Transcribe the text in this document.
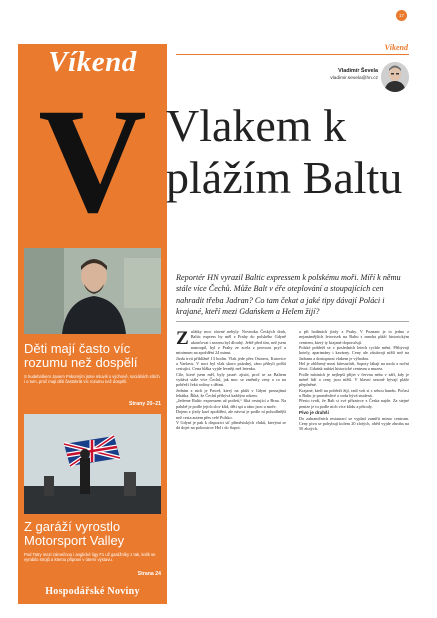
Víkend
V
Děti mají často víc rozumu než dospělí
S hudebníkem Janem Pokorným jsme mluvili o výchově, sociálních sítích i o tom, proč mají děti častokrát víc rozumu než dospělí.
Strany 20–21
Z garáží vyrostlo Motorsport Valley
Pod Tatry mezi zámečnou i anglické ligy F1 už garážníky z tak, kolik se vyrobilo strojů a kterou připraví v úterní výstavu.
Strana 24
Hospodářské Noviny
17
Víkend
Vladimír Ševela
vladimir.sevela@hn.cz
Vlakem k plážím Baltu

Reportér HN vyrazil Baltic expressem k polskému moři. Míří k němu stále více Čechů. Může Balt v éře oteplování a stoupajících cen nahradit třeba Jadran? Co tam čekat a jaké tipy dávají Poláci i krajané, kteří mezi Gdańskem a Helem žijí?

Z ačátky moc slavné nebyly. Noviniku Českých drah, Baltic express by měl z Prahy do polského Gdyně ukončovat i sezonu byl dlouhý. Ještě před tím, než jsem nastoupil, byl z Prahy ze zcela z provozu pryč a minimum na zpoždění 24 minut.

Jízda trvá přibližně 13 hodin. Vlak jede přes Ostravu, Katovice a Varšavu. V noci byl vlak skoro prázdný, ráno přibyli polští cestující. Cena lůžka vyjde levněji než letenka.

Cíle, které jsem měl, byly jasné: zjistit, proč se za Baltem vydává stále více Čechů, jak moc se změnily ceny a co na pobřeží čeká rodiny s dětmi.

Jedním z nich je Paweł, který na pláži v Gdyni pronajímá lehátka. Říká, že Čechů přibývá každým rokem.

„Jedeme Baltic expressem už potřetí,“ říká cestující z Brna. Na palubě je podle jejích slov klid, děti spí a ráno jsou u moře.

Dojem z jízdy kazí zpoždění, ale návrat je podle ní pohodlnější než cesta autem přes celé Polsko.

V Gdyni je pak k dispozici síť příměstských vlaků, kterými se dá dojet na poloostrov Hel i do Sopot.

a při hodinách jízdy z Prahy. V Poznani je to jedno z nejznámějších letovisek na Baltu s mnoha pláží historickým centrem, který ty krajané doporučují.

Polské pobřeží se v posledních letech rychle mění. Přibývají hotely, apartmány i kavárny. Ceny ale zůstávají nižší než na Jadranu a dostupnost vlakem je výhodou.

Hel je oblíbený mezi kitesurfaři, Sopoty lákají na molo a noční život. Gdańsk nabízí historické centrum a muzea.

Podle místních je nejlepší přijet v červnu nebo v září, kdy je méně lidí a ceny jsou nižší. V hlavní sezoně bývají pláže přeplněné.

Krajané, kteří na pobřeží žijí, radí vzít si s sebou bundu. Počasí u Baltu je proměnlivé a voda bývá studená.

Přesto tvrdí, že Balt si své příznivce z Česka najde. Za stejné peníze je tu podle nich více klidu a přírody.

Pivo je drahší

Do zahraničních restaurací se vyplatí zamířit mimo centrum. Ceny piva se pohybují kolem 20 zlotých, oběd vyjde zhruba na 50 zlotých.
